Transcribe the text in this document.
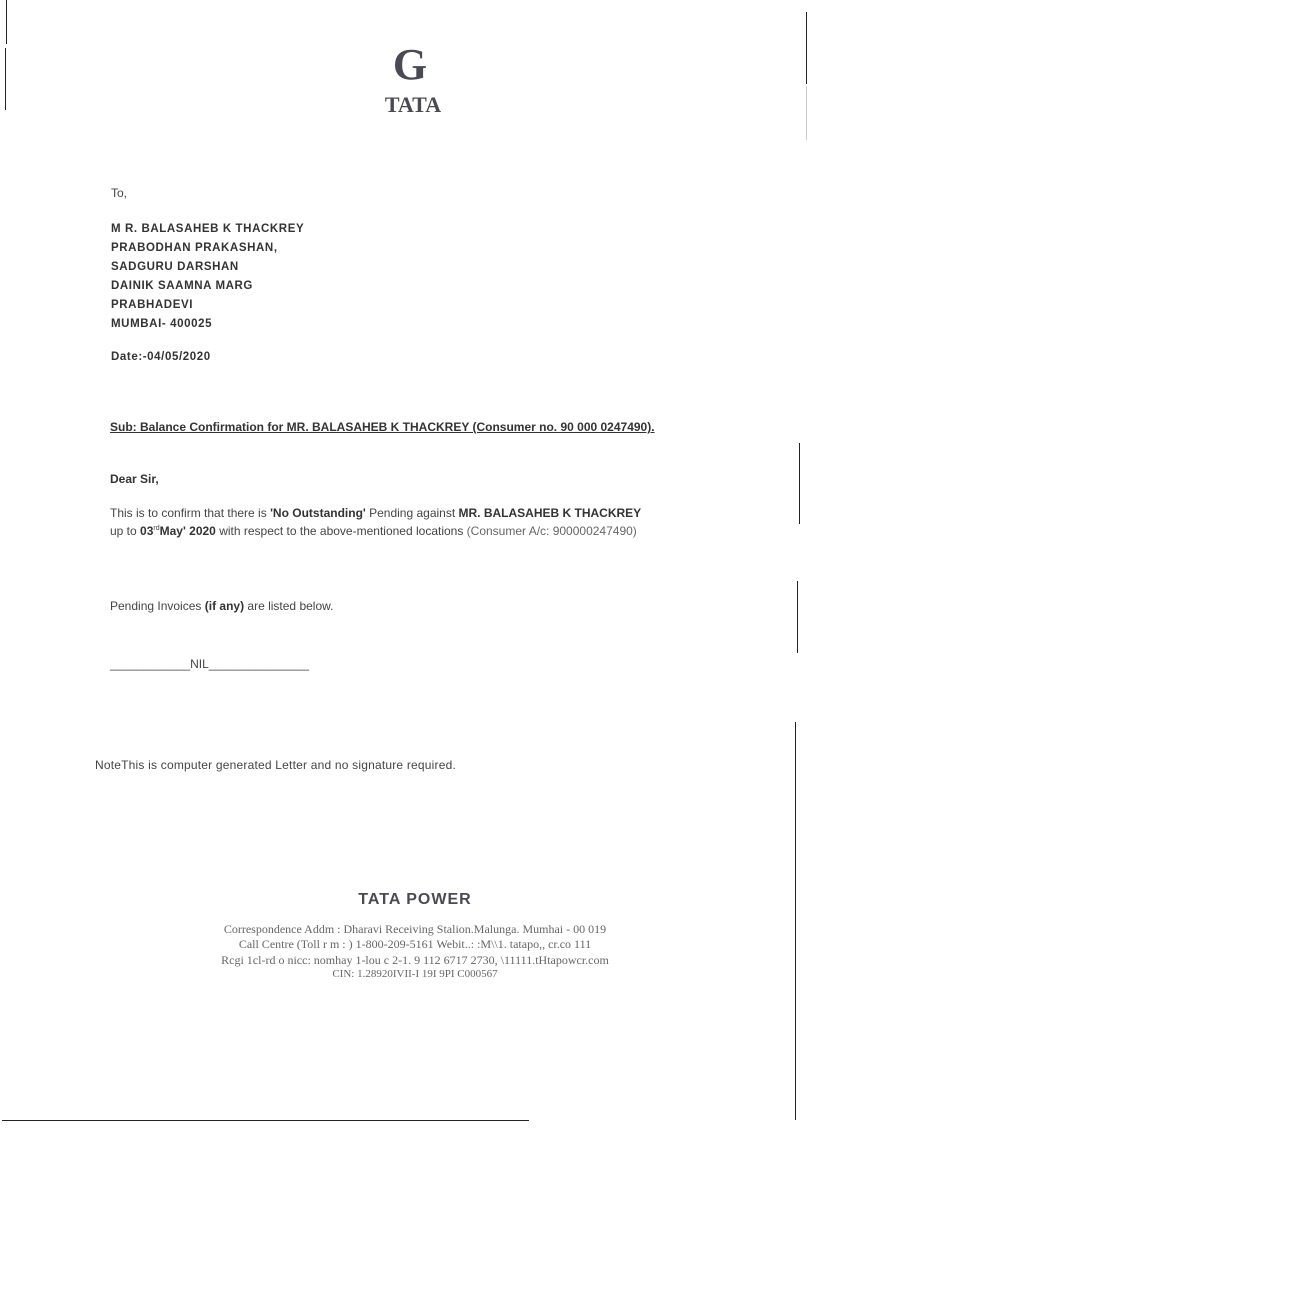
G
TATA
To,
M R. BALASAHEB K THACKREY
PRABODHAN PRAKASHAN,
SADGURU DARSHAN
DAINIK SAAMNA MARG
PRABHADEVI
MUMBAI- 400025
Date:-04/05/2020
Sub: Balance Confirmation for MR. BALASAHEB K THACKREY (Consumer no. 90 000 0247490).
Dear Sir,
This is to confirm that there is 'No Outstanding' Pending against MR. BALASAHEB K THACKREY
up to 03rdMay' 2020 with respect to the above-mentioned locations (Consumer A/c: 900000247490)
Pending Invoices (if any) are listed below.
____________NIL_______________
NoteThis is computer generated Letter and no signature required.
TATA POWER
Correspondence Addm : Dharavi Receiving Stalion.Malunga. Mumhai - 00 019
Call Centre (Toll r m : ) 1-800-209-5161 Webit..: :M\\1. tatapo,, cr.co 111
Rcgi 1cl-rd o nicc: nomhay 1-lou c 2-1. 9 112 6717 2730, \11111.tHtapowcr.com
CIN: 1.28920IVII-I 19I 9PI C000567
